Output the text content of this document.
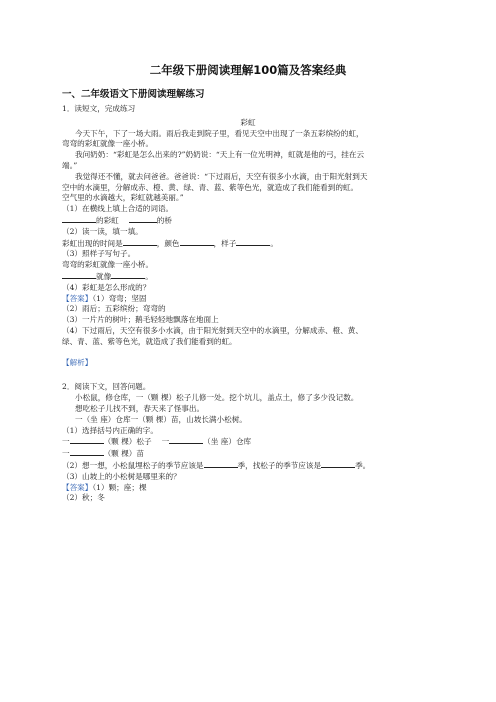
二年级下册阅读理解100篇及答案经典
一、二年级语文下册阅读理解练习
1．读短文，完成练习
彩虹
今天下午，下了一场大雨。雨后我走到院子里，看见天空中出现了一条五彩缤纷的虹，
弯弯的彩虹就像一座小桥。
我问奶奶：“彩虹是怎么出来的?”奶奶说：“天上有一位光明神，虹就是他的弓，挂在云
端。”
我觉得还不懂，就去问爸爸。爸爸说：“下过雨后，天空有很多小水滴，由于阳光射到天
空中的水滴里，分解成赤、橙、黄、绿、青、蓝、紫等色光，就造成了我们能看到的虹。
空气里的水滴越大，彩虹就越美丽。”
（1）在横线上填上合适的词语。
的彩虹	的桥
（2）读一读，填一填。
彩虹出现的时间是	，颜色	，样子	。
（3）照样子写句子。
弯弯的彩虹就像一座小桥。
就像	。
（4）彩虹是怎么形成的？
【答案】（1）弯弯；坚固
（2）雨后；五彩缤纷；弯弯的
（3）一片片的树叶；鹅毛轻轻地飘落在地面上
（4）下过雨后，天空有很多小水滴，由于阳光射到天空中的水滴里，分解成赤、橙、黄、
绿、青、蓝、紫等色光，就造成了我们能看到的虹。
【解析】
2．阅读下文，回答问题。
小松鼠，修仓库，一（颗 棵）松子儿修一处。挖个坑儿，盖点土，修了多少没记数。
想吃松子儿找不到，春天来了怪事出。
一（坐 座）仓库一（颗 棵）苗，山坡长满小松树。
（1）选择括号内正确的字。
一	（颗 棵）松子 一	（坐 座）仓库
一	（颗 棵）苗
（2）想一想，小松鼠埋松子的季节应该是	季，找松子的季节应该是	季。
（3）山坡上的小松树是哪里来的？
【答案】（1）颗；座；棵
（2）秋；冬
